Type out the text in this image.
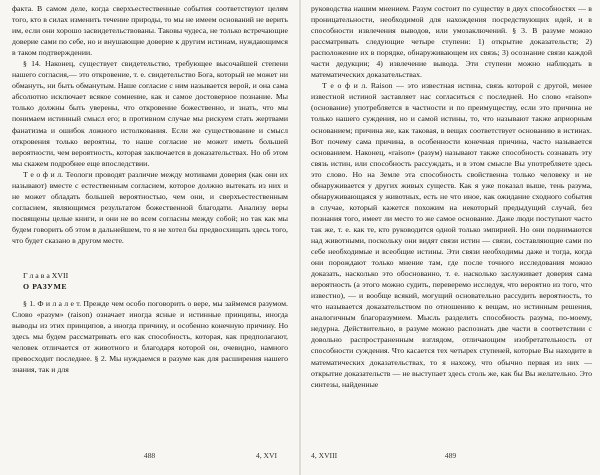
факта. В самом деле, когда сверхъестественные события соответствуют целям того, кто в силах изменить течение природы, то мы не имеем оснований не верить им, если они хорошо засвидетельствованы. Таковы чудеса, не только встречающие доверие сами по себе, но и внушающие доверие к другим истинам, нуждающимся в таком подтверждении.

§ 14. Наконец, существует свидетельство, требующее высочайшей степени нашего согласия,— это откровение, т. е. свидетельство Бога, который не может ни обмануть, ни быть обманутым. Наше согласие с ним называется верой, и она сама абсолютно исключает всякое сомнение, как и самое достоверное познание. Мы только должны быть уверены, что откровение божественно, и знать, что мы понимаем истинный смысл его; в противном случае мы рискуем стать жертвами фанатизма и ошибок ложного истолкования. Если же существование и смысл откровения только вероятны, то наше согласие не может иметь большей вероятности, чем вероятность, которая заключается в доказательствах. Но об этом мы скажем подробнее еще впоследствии.

Т е о ф и л. Теологи проводят различие между мотивами доверия (как они их называют) вместе с естественным согласием, которое должно вытекать из них и не может обладать большей вероятностью, чем они, и сверхъестественным согласием, являющимся результатом божественной благодати. Анализу веры посвящены целые книги, и они не во всем согласны между собой; но так как мы будем говорить об этом в дальнейшем, то я не хотел бы предвосхищать здесь того, что будет сказано в другом месте.

Г л а в а XVII

О РАЗУМЕ

§ 1. Ф и л а л е т. Прежде чем особо поговорить о вере, мы займемся разумом. Слово «разум» (raison) означает иногда ясные и истинные принципы, иногда выводы из этих принципов, а иногда причину, и особенно конечную причину. Но здесь мы будем рассматривать его как способность, которая, как предполагают, человек отличается от животного и благодаря которой он, очевидно, намного превосходит последнее. § 2. Мы нуждаемся в разуме как для расширения нашего знания, так и для

488	4, XVI

руководства нашим мнением. Разум состоит по существу в двух способностях — в проницательности, необходимой для нахождения посредствующих идей, и в способности извлечения выводов, или умозаключений. § 3. В разуме можно рассматривать следующие четыре ступени: 1) открытие доказательств; 2) расположение их в порядке, обнаруживающем их связь; 3) осознание связи каждой части дедукции; 4) извлечение вывода. Эти ступени можно наблюдать в математических доказательствах.

Т е о ф и л. Raison — это известная истина, связь которой с другой, менее известной истиной заставляет нас согласиться с последней. Но слово «raison» (основание) употребляется в частности и по преимуществу, если это причина не только нашего суждения, но и самой истины, то, что называют также априорным основанием; причина же, как таковая, в вещах соответствует основанию в истинах. Вот почему сама причина, в особенности конечная причина, часто называется основанием. Наконец, «raison» (разум) называют также способность сознавать эту связь истин, или способность рассуждать, и в этом смысле Вы употребляете здесь это слово. Но на Земле эта способность свойственна только человеку и не обнаруживается у других живых существ. Как я уже показал выше, тень разума, обнаруживающаяся у животных, есть не что иное, как ожидание сходного события в случае, который кажется похожим на некоторый предыдущий случай, без познания того, имеет ли место то же самое основание. Даже люди поступают часто так же, т. е. как те, кто руководится одной только эмпирией. Но они поднимаются над животными, поскольку они видят связи истин — связи, составляющие сами по себе необходимые и всеобщие истины. Эти связи необходимы даже и тогда, когда они порождают только мнение там, где после точного исследования можно доказать, насколько это обоснованно, т. е. насколько заслуживает доверия сама вероятность (а этого можно судить, переверемо исследуя, что вероятно из того, что известно), — и вообще всякий, могущий основательно рассудить вероятность, то что называется доказательством по отношению к вещам, но истинным решения, аналогичным благоразумием. Мысль разделить способность разума, по-моему, недурна. Действительно, в разуме можно распознать две части в соответствии с довольно распространенным взглядом, отличающим изобретательность от способности суждения. Что касается тех четырех ступеней, которые Вы находите в математических доказательствах, то я нахожу, что обычно первая из них — открытие доказательств — не выступает здесь столь же, как бы Вы желательно. Это синтезы, найденные

4, XVIII	489
